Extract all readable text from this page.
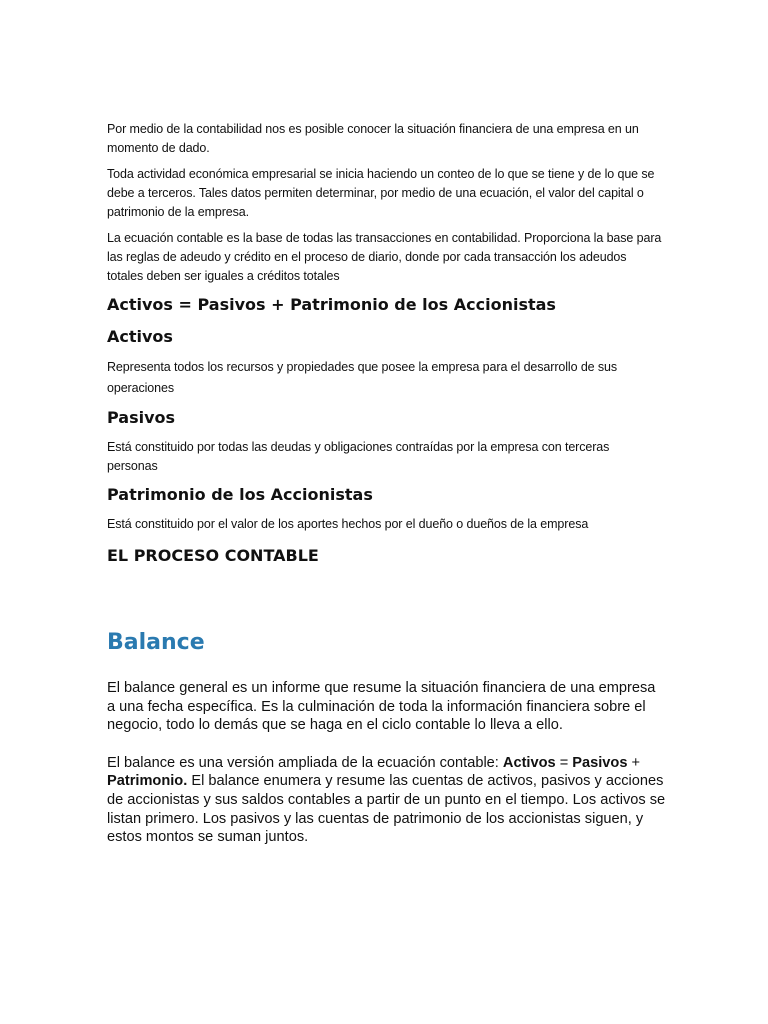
Por medio de la contabilidad nos es posible conocer la situación financiera de una empresa en un momento de dado.

Toda actividad económica empresarial se inicia haciendo un conteo de lo que se tiene y de lo que se debe a terceros. Tales datos permiten determinar, por medio de una ecuación, el valor del capital o patrimonio de la empresa.

La ecuación contable es la base de todas las transacciones en contabilidad. Proporciona la base para las reglas de adeudo y crédito en el proceso de diario, donde por cada transacción los adeudos totales deben ser iguales a créditos totales

Activos = Pasivos + Patrimonio de los Accionistas
Activos

Representa todos los recursos y propiedades que posee la empresa para el desarrollo de sus operaciones

Pasivos

Está constituido por todas las deudas y obligaciones contraídas por la empresa con terceras personas

Patrimonio de los Accionistas

Está constituido por el valor de los aportes hechos por el dueño o dueños de la empresa

EL PROCESO CONTABLE
Balance

El balance general es un informe que resume la situación financiera de una empresa a una fecha específica. Es la culminación de toda la información financiera sobre el negocio, todo lo demás que se haga en el ciclo contable lo lleva a ello.

El balance es una versión ampliada de la ecuación contable: Activos = Pasivos + Patrimonio. El balance enumera y resume las cuentas de activos, pasivos y acciones de accionistas y sus saldos contables a partir de un punto en el tiempo. Los activos se listan primero. Los pasivos y las cuentas de patrimonio de los accionistas siguen, y estos montos se suman juntos.
